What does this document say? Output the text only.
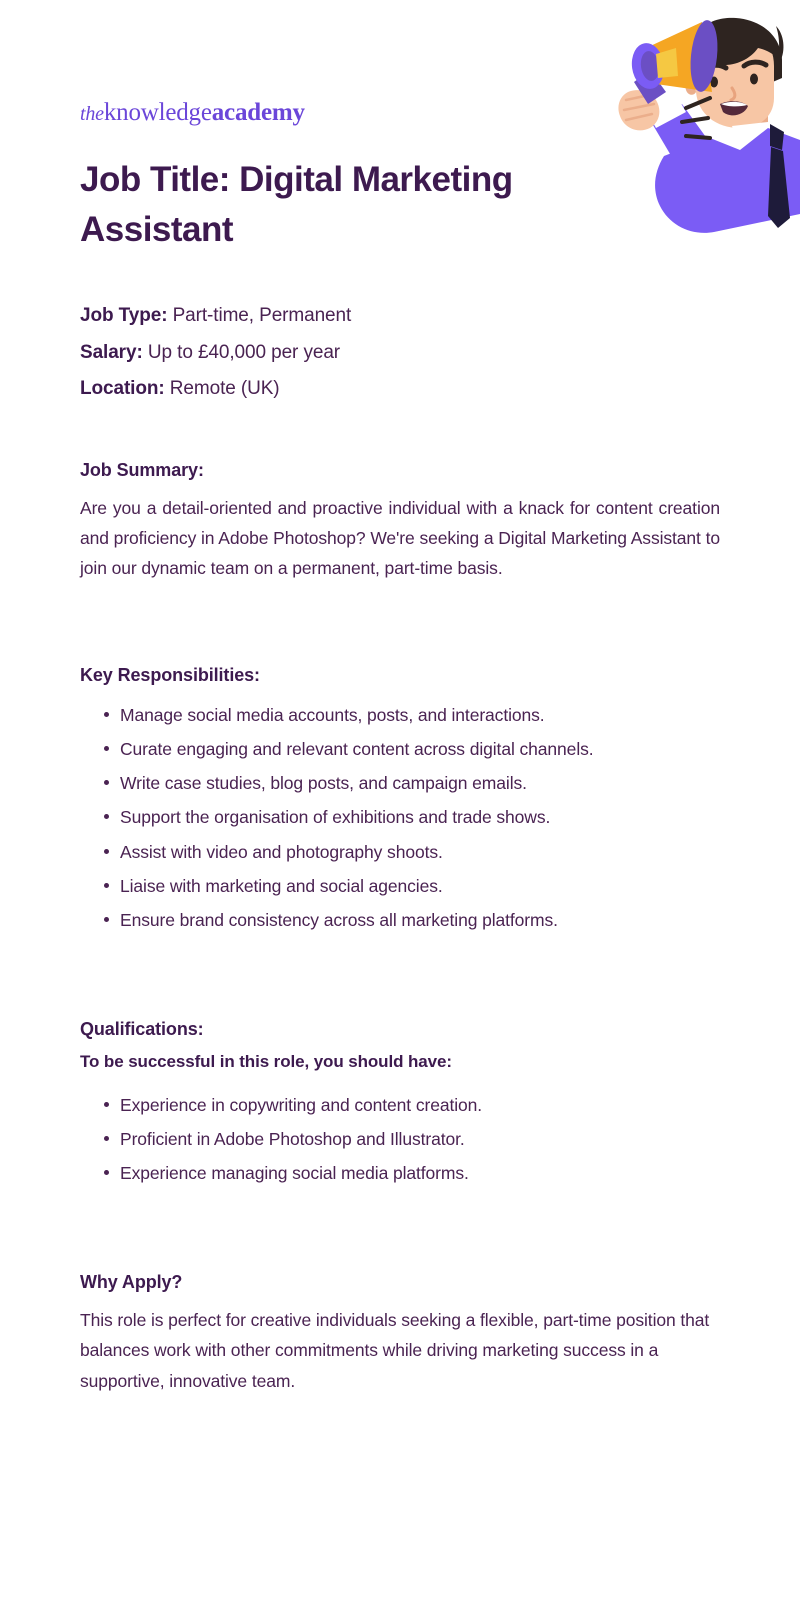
theknowledgeacademy
Job Title: Digital Marketing Assistant
Job Type: Part-time, Permanent
Salary: Up to £40,000 per year
Location: Remote (UK)
Job Summary:

Are you a detail-oriented and proactive individual with a knack for content creation and proficiency in Adobe Photoshop? We're seeking a Digital Marketing Assistant to join our dynamic team on a permanent, part-time basis.

Key Responsibilities:
Manage social media accounts, posts, and interactions.
Curate engaging and relevant content across digital channels.
Write case studies, blog posts, and campaign emails.
Support the organisation of exhibitions and trade shows.
Assist with video and photography shoots.
Liaise with marketing and social agencies.
Ensure brand consistency across all marketing platforms.
Qualifications:
To be successful in this role, you should have:
Experience in copywriting and content creation.
Proficient in Adobe Photoshop and Illustrator.
Experience managing social media platforms.
Why Apply?

This role is perfect for creative individuals seeking a flexible, part-time position that balances work with other commitments while driving marketing success in a supportive, innovative team.
